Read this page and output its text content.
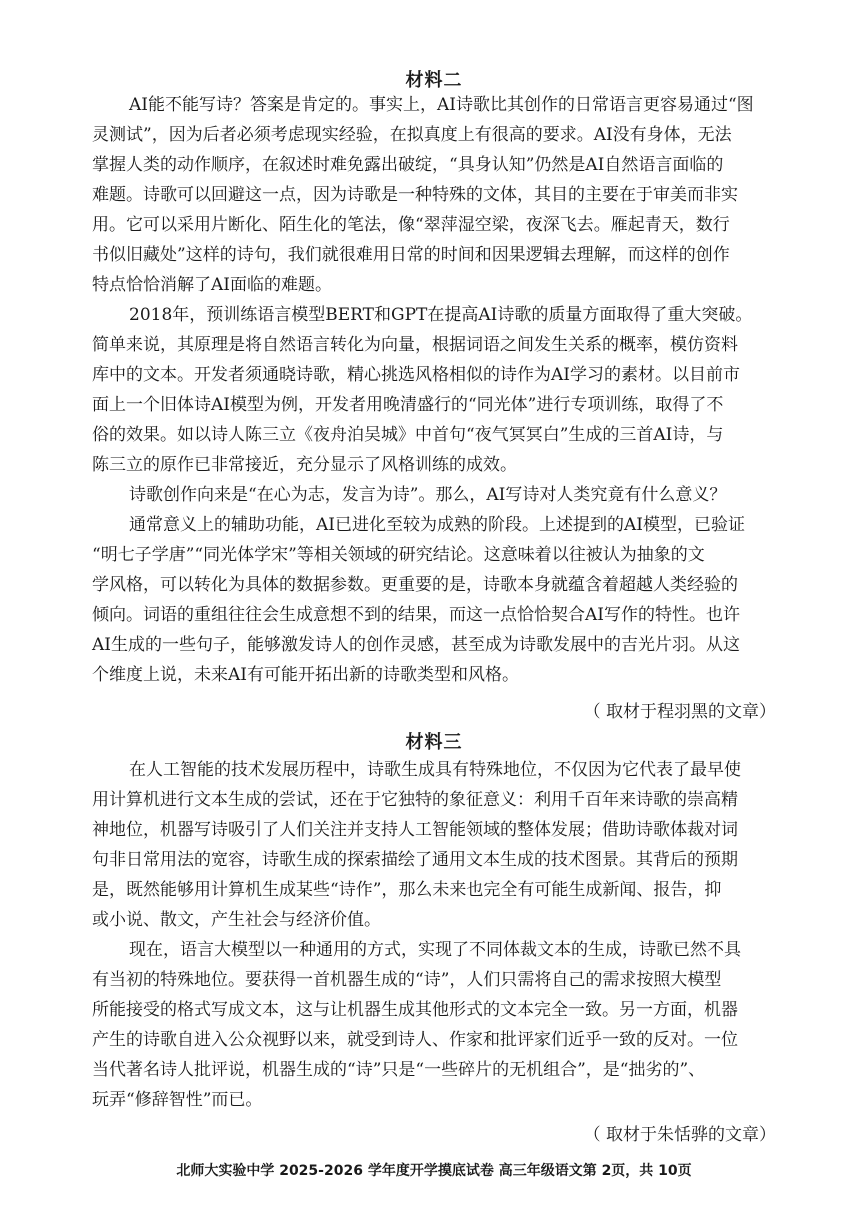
材料二
AI能不能写诗？答案是肯定的。事实上，AI诗歌比其创作的日常语言更容易通过“图
灵测试”，因为后者必须考虑现实经验，在拟真度上有很高的要求。AI没有身体，无法
掌握人类的动作顺序，在叙述时难免露出破绽，“具身认知”仍然是AI自然语言面临的
难题。诗歌可以回避这一点，因为诗歌是一种特殊的文体，其目的主要在于审美而非实
用。它可以采用片断化、陌生化的笔法，像“翠萍湿空梁，夜深飞去。雁起青天，数行
书似旧藏处”这样的诗句，我们就很难用日常的时间和因果逻辑去理解，而这样的创作
特点恰恰消解了AI面临的难题。
2018年，预训练语言模型BERT和GPT在提高AI诗歌的质量方面取得了重大突破。
简单来说，其原理是将自然语言转化为向量，根据词语之间发生关系的概率，模仿资料
库中的文本。开发者须通晓诗歌，精心挑选风格相似的诗作为AI学习的素材。以目前市
面上一个旧体诗AI模型为例，开发者用晚清盛行的“同光体”进行专项训练，取得了不
俗的效果。如以诗人陈三立《夜舟泊吴城》中首句“夜气冥冥白”生成的三首AI诗，与
陈三立的原作已非常接近，充分显示了风格训练的成效。
诗歌创作向来是“在心为志，发言为诗”。那么，AI写诗对人类究竟有什么意义？
通常意义上的辅助功能，AI已进化至较为成熟的阶段。上述提到的AI模型，已验证
“明七子学唐”“同光体学宋”等相关领域的研究结论。这意味着以往被认为抽象的文
学风格，可以转化为具体的数据参数。更重要的是，诗歌本身就蕴含着超越人类经验的
倾向。词语的重组往往会生成意想不到的结果，而这一点恰恰契合AI写作的特性。也许
AI生成的一些句子，能够激发诗人的创作灵感，甚至成为诗歌发展中的吉光片羽。从这
个维度上说，未来AI有可能开拓出新的诗歌类型和风格。
（ 取材于程羽黑的文章）
材料三
在人工智能的技术发展历程中，诗歌生成具有特殊地位，不仅因为它代表了最早使
用计算机进行文本生成的尝试，还在于它独特的象征意义：利用千百年来诗歌的崇高精
神地位，机器写诗吸引了人们关注并支持人工智能领域的整体发展；借助诗歌体裁对词
句非日常用法的宽容，诗歌生成的探索描绘了通用文本生成的技术图景。其背后的预期
是，既然能够用计算机生成某些“诗作”，那么未来也完全有可能生成新闻、报告，抑
或小说、散文，产生社会与经济价值。
现在，语言大模型以一种通用的方式，实现了不同体裁文本的生成，诗歌已然不具
有当初的特殊地位。要获得一首机器生成的“诗”，人们只需将自己的需求按照大模型
所能接受的格式写成文本，这与让机器生成其他形式的文本完全一致。另一方面，机器
产生的诗歌自进入公众视野以来，就受到诗人、作家和批评家们近乎一致的反对。一位
当代著名诗人批评说，机器生成的“诗”只是“一些碎片的无机组合”，是“拙劣的”、
玩弄“修辞智性”而已。
（ 取材于朱恬骅的文章）
北师大实验中学 2025-2026 学年度开学摸底试卷 高三年级语文第 2页，共 10页
